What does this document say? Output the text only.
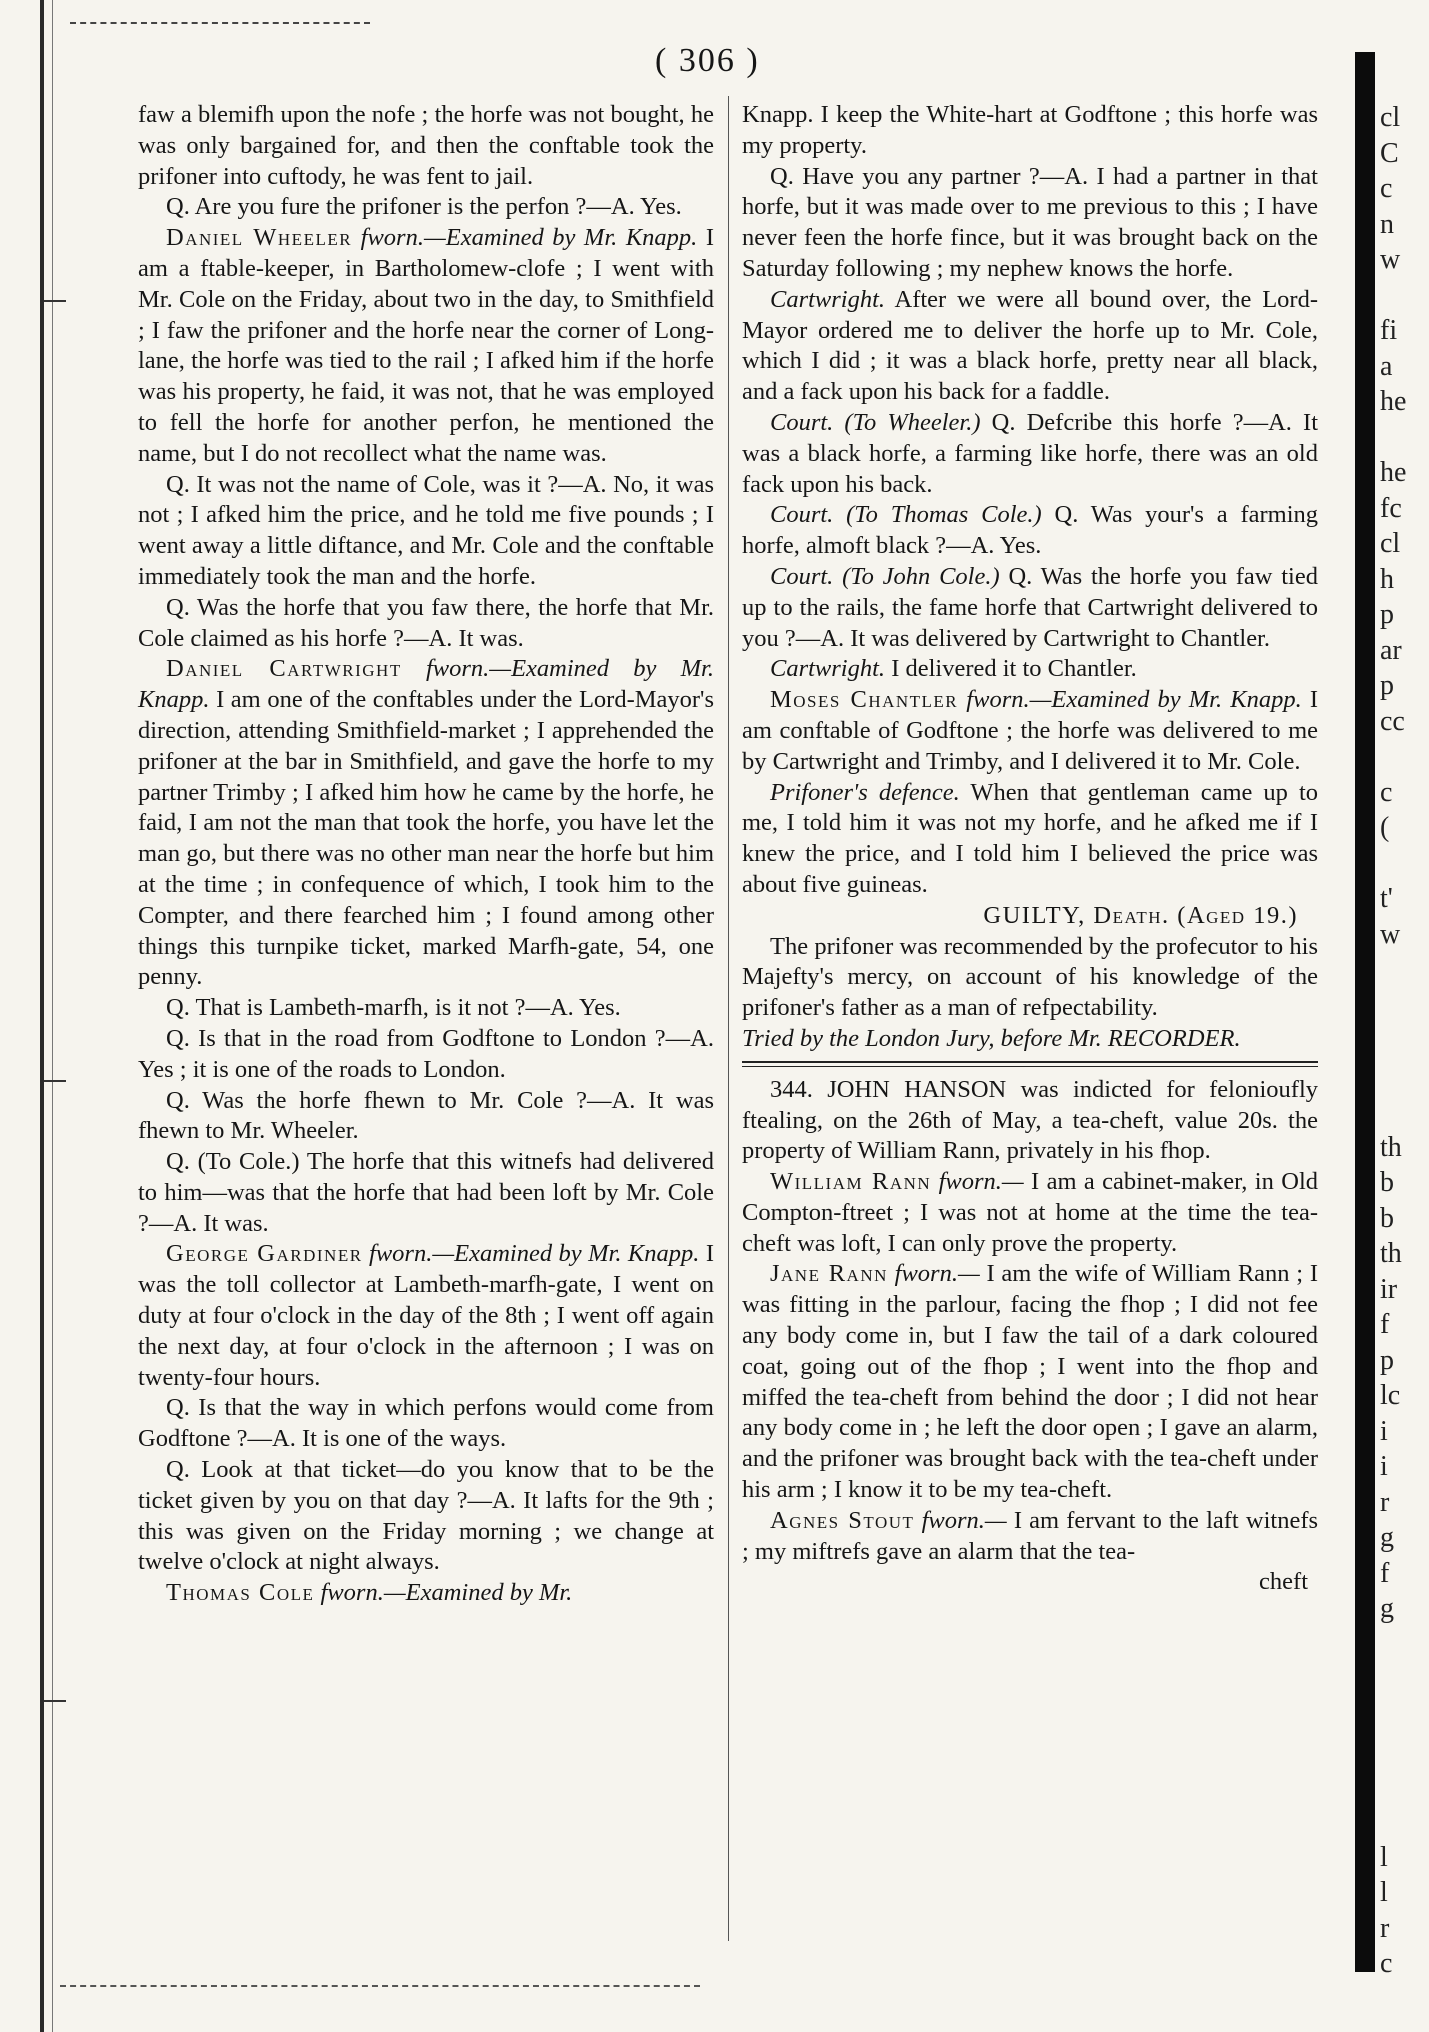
( 306 )

faw a blemifh upon the nofe ; the horfe was not bought, he was only bargained for, and then the conftable took the prifoner into cuftody, he was fent to jail.

Q. Are you fure the prifoner is the perfon ?—A. Yes.

Daniel Wheeler fworn.—Examined by Mr. Knapp. I am a ftable-keeper, in Bartholomew-clofe ; I went with Mr. Cole on the Friday, about two in the day, to Smithfield ; I faw the prifoner and the horfe near the corner of Long-lane, the horfe was tied to the rail ; I afked him if the horfe was his property, he faid, it was not, that he was employed to fell the horfe for another perfon, he mentioned the name, but I do not recollect what the name was.

Q. It was not the name of Cole, was it ?—A. No, it was not ; I afked him the price, and he told me five pounds ; I went away a little diftance, and Mr. Cole and the conftable immediately took the man and the horfe.

Q. Was the horfe that you faw there, the horfe that Mr. Cole claimed as his horfe ?—A. It was.

Daniel Cartwright fworn.—Examined by Mr. Knapp. I am one of the conftables under the Lord-Mayor's direction, attending Smithfield-market ; I apprehended the prifoner at the bar in Smithfield, and gave the horfe to my partner Trimby ; I afked him how he came by the horfe, he faid, I am not the man that took the horfe, you have let the man go, but there was no other man near the horfe but him at the time ; in confequence of which, I took him to the Compter, and there fearched him ; I found among other things this turnpike ticket, marked Marfh-gate, 54, one penny.

Q. That is Lambeth-marfh, is it not ?—A. Yes.

Q. Is that in the road from Godftone to London ?—A. Yes ; it is one of the roads to London.

Q. Was the horfe fhewn to Mr. Cole ?—A. It was fhewn to Mr. Wheeler.

Q. (To Cole.) The horfe that this witnefs had delivered to him—was that the horfe that had been loft by Mr. Cole ?—A. It was.

George Gardiner fworn.—Examined by Mr. Knapp. I was the toll collector at Lambeth-marfh-gate, I went on duty at four o'clock in the day of the 8th ; I went off again the next day, at four o'clock in the afternoon ; I was on twenty-four hours.

Q. Is that the way in which perfons would come from Godftone ?—A. It is one of the ways.

Q. Look at that ticket—do you know that to be the ticket given by you on that day ?—A. It lafts for the 9th ; this was given on the Friday morning ; we change at twelve o'clock at night always.

Thomas Cole fworn.—Examined by Mr.

Knapp. I keep the White-hart at Godftone ; this horfe was my property.

Q. Have you any partner ?—A. I had a partner in that horfe, but it was made over to me previous to this ; I have never feen the horfe fince, but it was brought back on the Saturday following ; my nephew knows the horfe.

Cartwright. After we were all bound over, the Lord-Mayor ordered me to deliver the horfe up to Mr. Cole, which I did ; it was a black horfe, pretty near all black, and a fack upon his back for a faddle.

Court. (To Wheeler.) Q. Defcribe this horfe ?—A. It was a black horfe, a farming like horfe, there was an old fack upon his back.

Court. (To Thomas Cole.) Q. Was your's a farming horfe, almoft black ?—A. Yes.

Court. (To John Cole.) Q. Was the horfe you faw tied up to the rails, the fame horfe that Cartwright delivered to you ?—A. It was delivered by Cartwright to Chantler.

Cartwright. I delivered it to Chantler.

Moses Chantler fworn.—Examined by Mr. Knapp. I am conftable of Godftone ; the horfe was delivered to me by Cartwright and Trimby, and I delivered it to Mr. Cole.

Prifoner's defence. When that gentleman came up to me, I told him it was not my horfe, and he afked me if I knew the price, and I told him I believed the price was about five guineas.

GUILTY, Death. (Aged 19.)

The prifoner was recommended by the profecutor to his Majefty's mercy, on account of his knowledge of the prifoner's father as a man of refpectability.

Tried by the London Jury, before Mr. RECORDER.

344. JOHN HANSON was indicted for felonioufly ftealing, on the 26th of May, a tea-cheft, value 20s. the property of William Rann, privately in his fhop.

William Rann fworn.— I am a cabinet-maker, in Old Compton-ftreet ; I was not at home at the time the tea-cheft was loft, I can only prove the property.

Jane Rann fworn.— I am the wife of William Rann ; I was fitting in the parlour, facing the fhop ; I did not fee any body come in, but I faw the tail of a dark coloured coat, going out of the fhop ; I went into the fhop and miffed the tea-cheft from behind the door ; I did not hear any body come in ; he left the door open ; I gave an alarm, and the prifoner was brought back with the tea-cheft under his arm ; I know it to be my tea-cheft.

Agnes Stout fworn.— I am fervant to the laft witnefs ; my miftrefs gave an alarm that the tea-

cheft

cl
C
c
n
w
fi
a
he
he
fc
cl
h
p
ar
p
cc
c
(
t'
w
th
b
b
th
ir
f
p
lc
i
i
r
g
f
g
l
l
r
c
